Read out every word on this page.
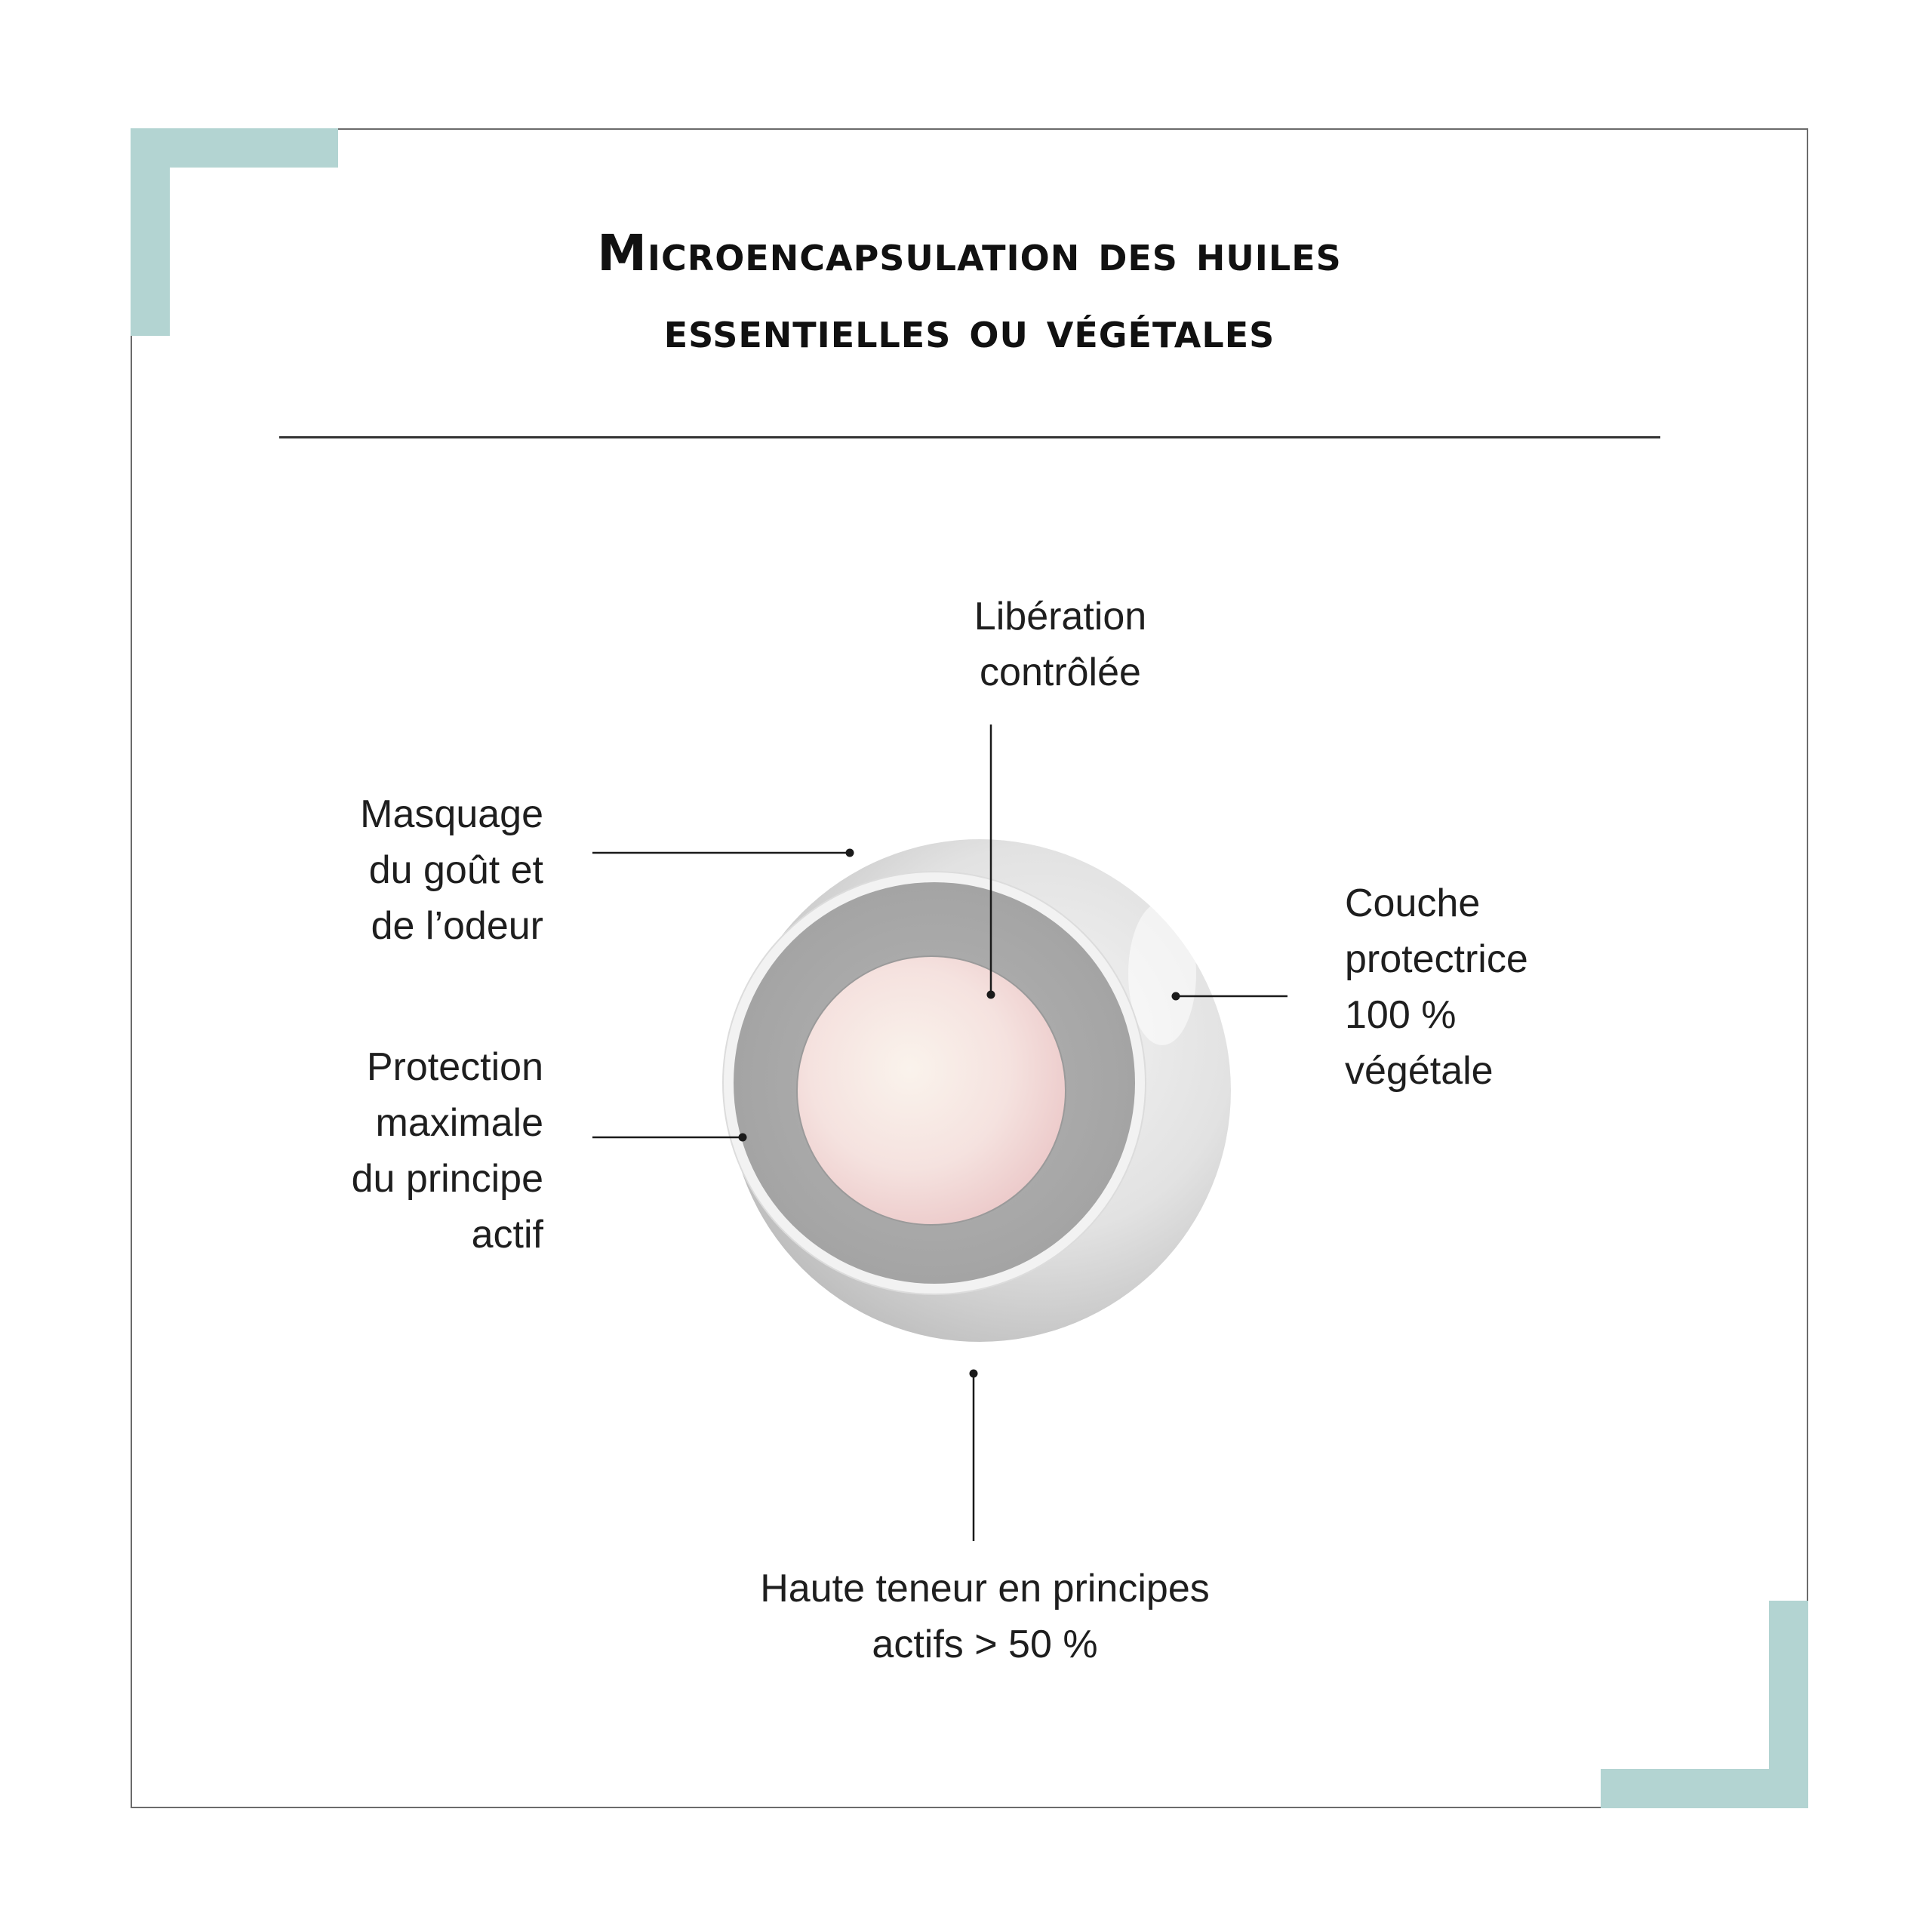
Microencapsulation des huiles
essentielles ou végétales
Libération
contrôlée
Masquage
du goût et
de l’odeur
Protection
maximale
du principe
actif
Couche
protectrice
100 %
végétale
Haute teneur en principes
actifs > 50 %
